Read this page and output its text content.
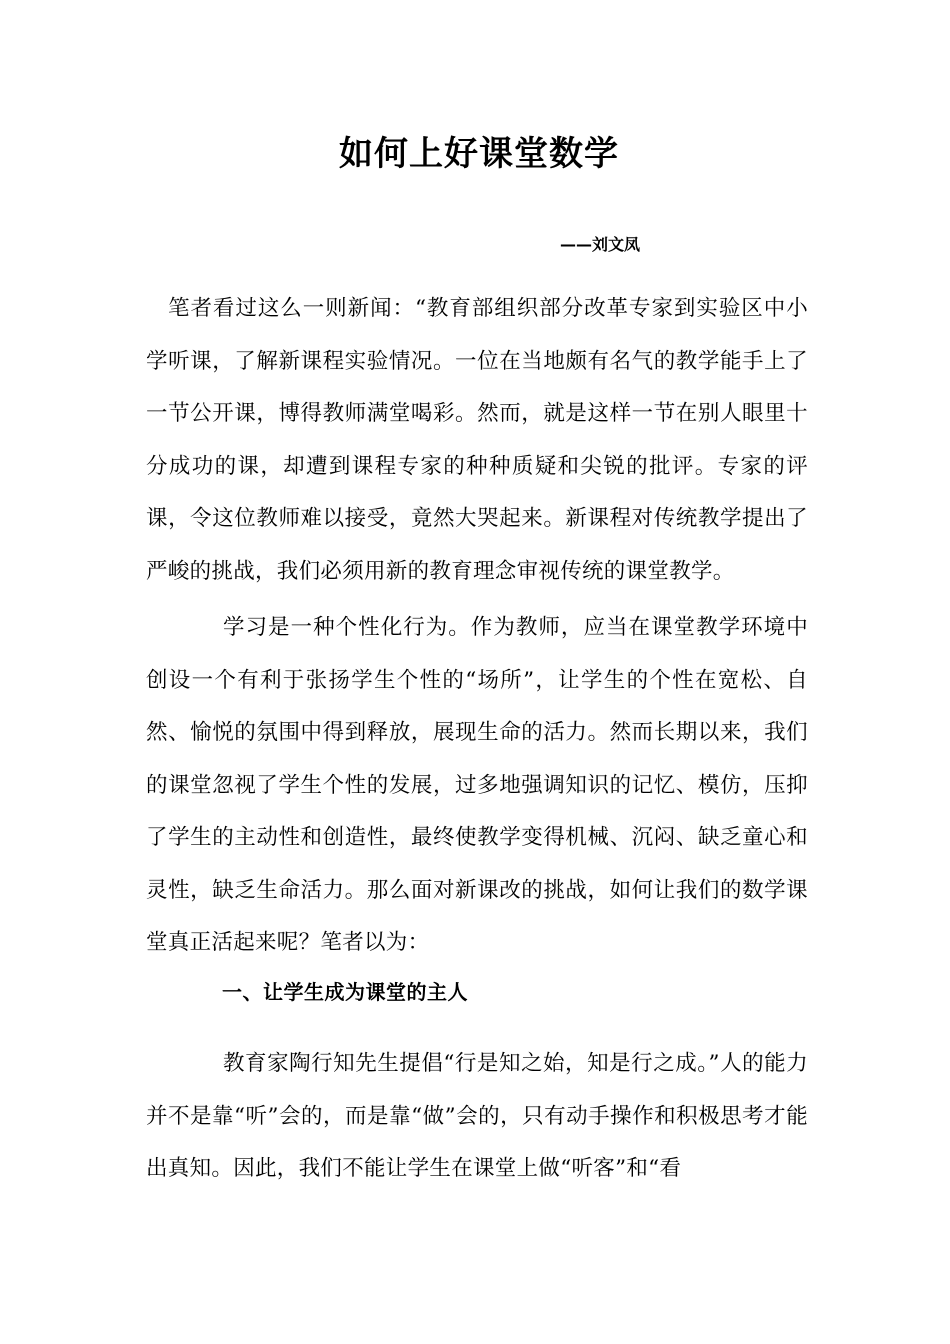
如何上好课堂数学
——刘文凤

笔者看过这么一则新闻：“教育部组织部分改革专家到实验区中小学听课，了解新课程实验情况。一位在当地颇有名气的教学能手上了一节公开课，博得教师满堂喝彩。然而，就是这样一节在别人眼里十分成功的课，却遭到课程专家的种种质疑和尖锐的批评。专家的评课，令这位教师难以接受，竟然大哭起来。新课程对传统教学提出了严峻的挑战，我们必须用新的教育理念审视传统的课堂教学。

学习是一种个性化行为。作为教师，应当在课堂教学环境中创设一个有利于张扬学生个性的“场所”，让学生的个性在宽松、自然、愉悦的氛围中得到释放，展现生命的活力。然而长期以来，我们的课堂忽视了学生个性的发展，过多地强调知识的记忆、模仿，压抑了学生的主动性和创造性，最终使教学变得机械、沉闷、缺乏童心和灵性，缺乏生命活力。那么面对新课改的挑战，如何让我们的数学课堂真正活起来呢？笔者以为：

一、让学生成为课堂的主人

教育家陶行知先生提倡“行是知之始，知是行之成。”人的能力并不是靠“听”会的，而是靠“做”会的，只有动手操作和积极思考才能出真知。因此，我们不能让学生在课堂上做“听客”和“看
